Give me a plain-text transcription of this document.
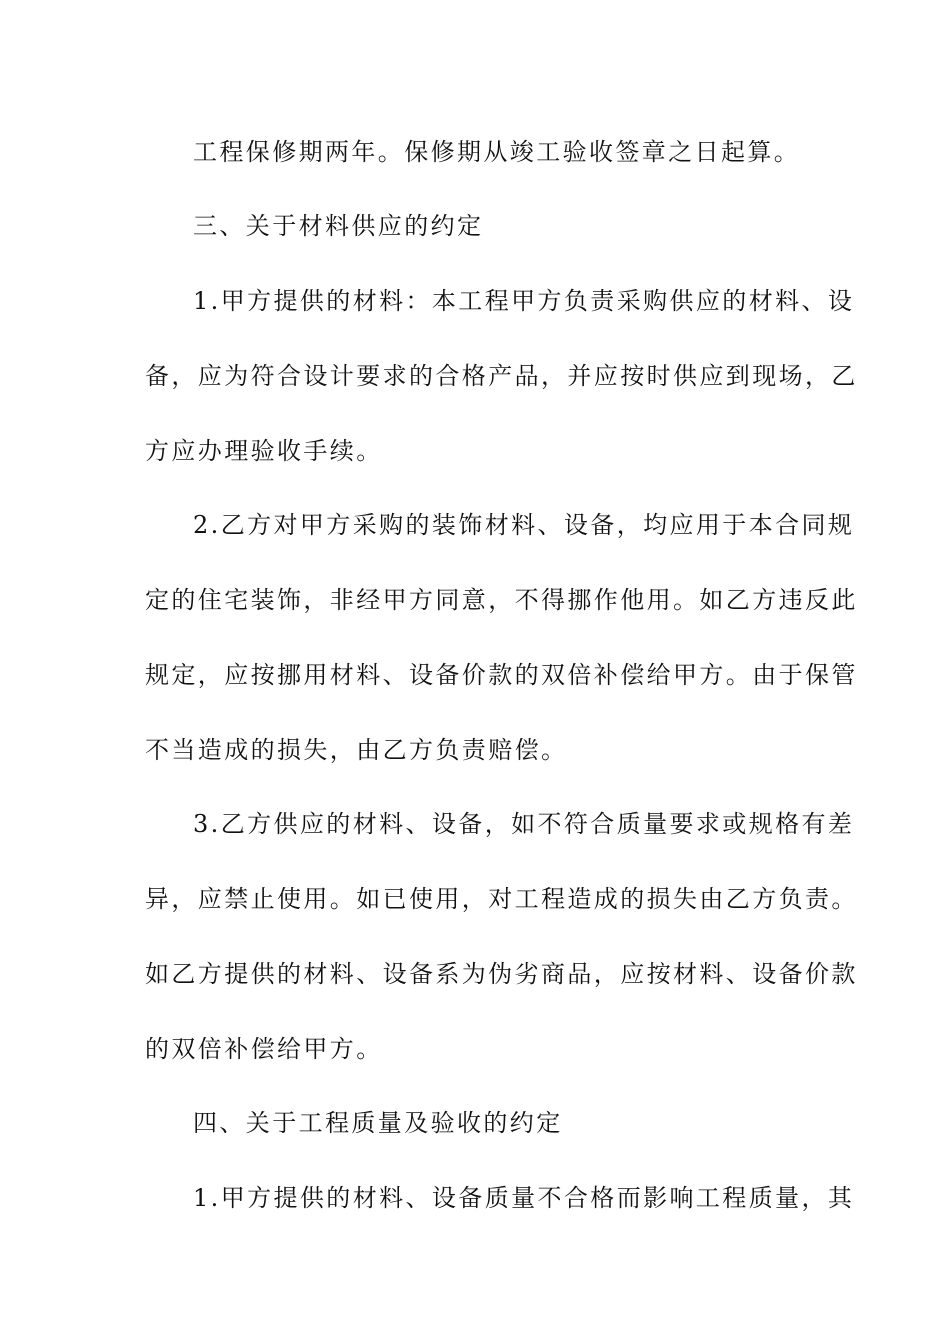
工程保修期两年。保修期从竣工验收签章之日起算。
三、关于材料供应的约定
1.甲方提供的材料：本工程甲方负责采购供应的材料、设
备，应为符合设计要求的合格产品，并应按时供应到现场，乙
方应办理验收手续。
2.乙方对甲方采购的装饰材料、设备，均应用于本合同规
定的住宅装饰，非经甲方同意，不得挪作他用。如乙方违反此
规定，应按挪用材料、设备价款的双倍补偿给甲方。由于保管
不当造成的损失，由乙方负责赔偿。
3.乙方供应的材料、设备，如不符合质量要求或规格有差
异，应禁止使用。如已使用，对工程造成的损失由乙方负责。
如乙方提供的材料、设备系为伪劣商品，应按材料、设备价款
的双倍补偿给甲方。
四、关于工程质量及验收的约定
1.甲方提供的材料、设备质量不合格而影响工程质量，其
